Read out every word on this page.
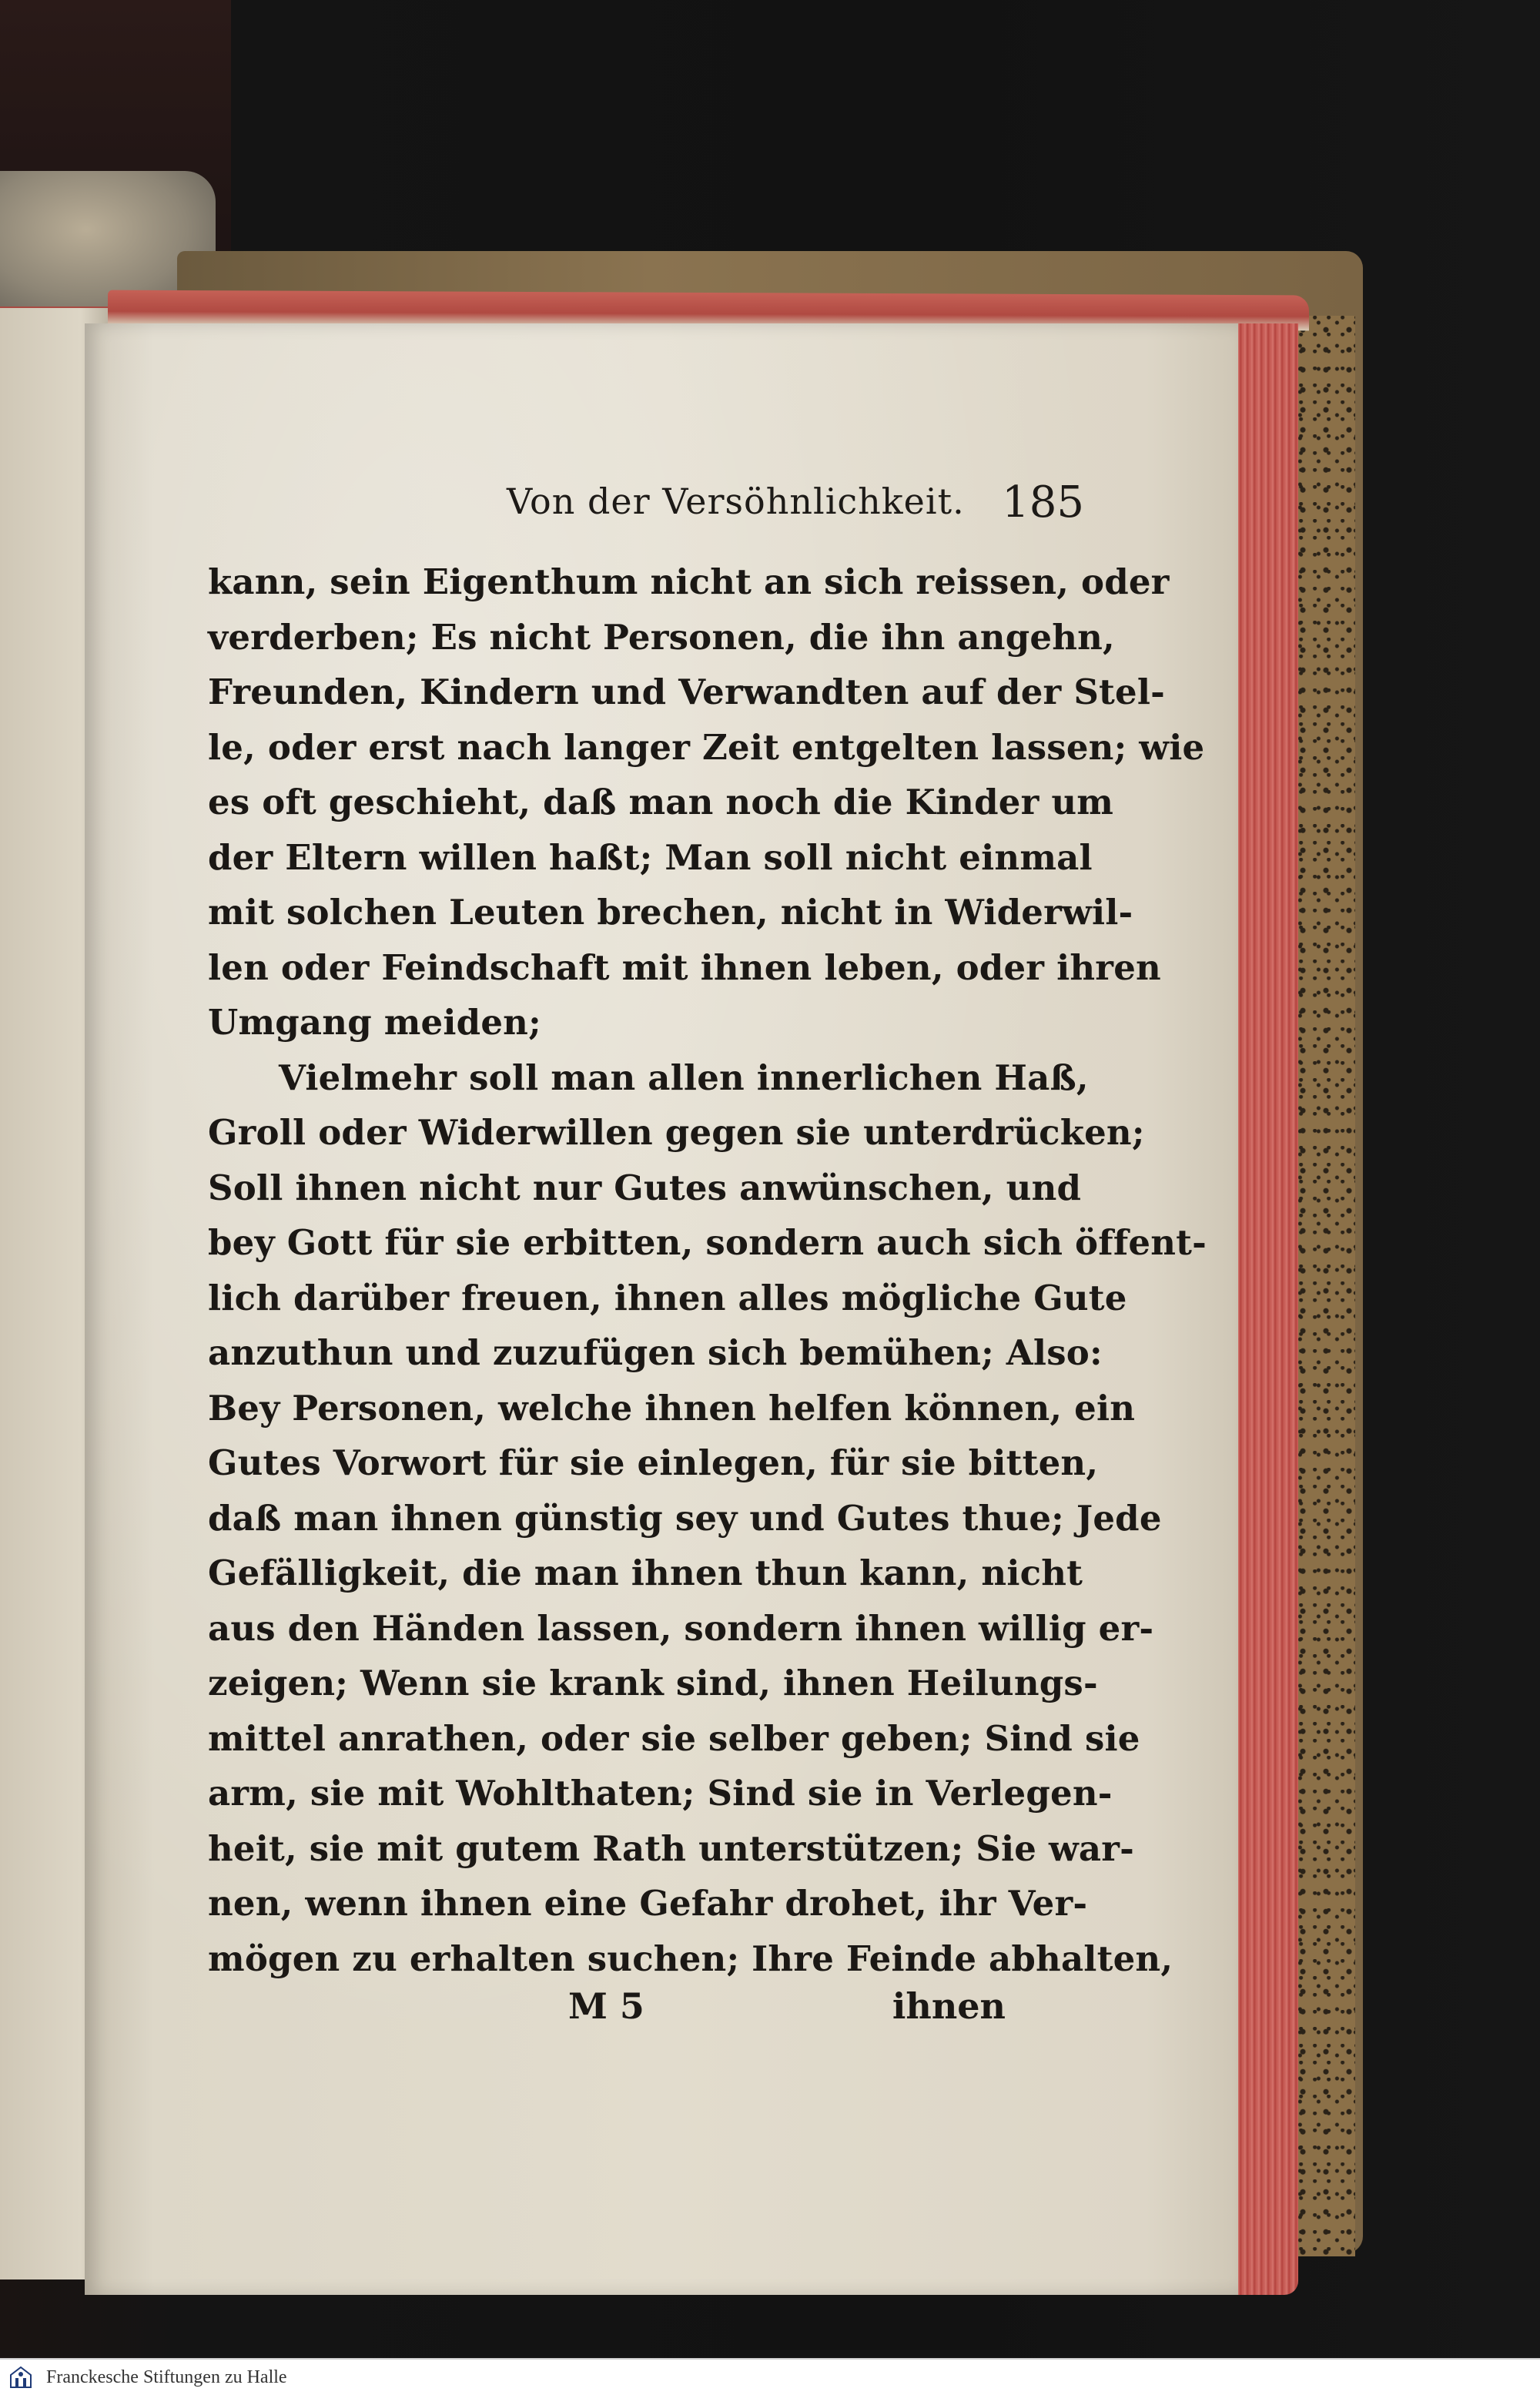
Von der Versöhnlichkeit. 185
kann, sein Eigenthum nicht an sich reissen, oder
verderben; Es nicht Personen, die ihn angehn,
Freunden, Kindern und Verwandten auf der Stel-
le, oder erst nach langer Zeit entgelten lassen; wie
es oft geschieht, daß man noch die Kinder um
der Eltern willen haßt; Man soll nicht einmal
mit solchen Leuten brechen, nicht in Widerwil-
len oder Feindschaft mit ihnen leben, oder ihren
Umgang meiden;
Vielmehr soll man allen innerlichen Haß,
Groll oder Widerwillen gegen sie unterdrücken;
Soll ihnen nicht nur Gutes anwünschen, und
bey Gott für sie erbitten, sondern auch sich öffent-
lich darüber freuen, ihnen alles mögliche Gute
anzuthun und zuzufügen sich bemühen; Also:
Bey Personen, welche ihnen helfen können, ein
Gutes Vorwort für sie einlegen, für sie bitten,
daß man ihnen günstig sey und Gutes thue; Jede
Gefälligkeit, die man ihnen thun kann, nicht
aus den Händen lassen, sondern ihnen willig er-
zeigen; Wenn sie krank sind, ihnen Heilungs-
mittel anrathen, oder sie selber geben; Sind sie
arm, sie mit Wohlthaten; Sind sie in Verlegen-
heit, sie mit gutem Rath unterstützen; Sie war-
nen, wenn ihnen eine Gefahr drohet, ihr Ver-
mögen zu erhalten suchen; Ihre Feinde abhalten,
M 5	ihnen
Franckesche Stiftungen zu Halle
